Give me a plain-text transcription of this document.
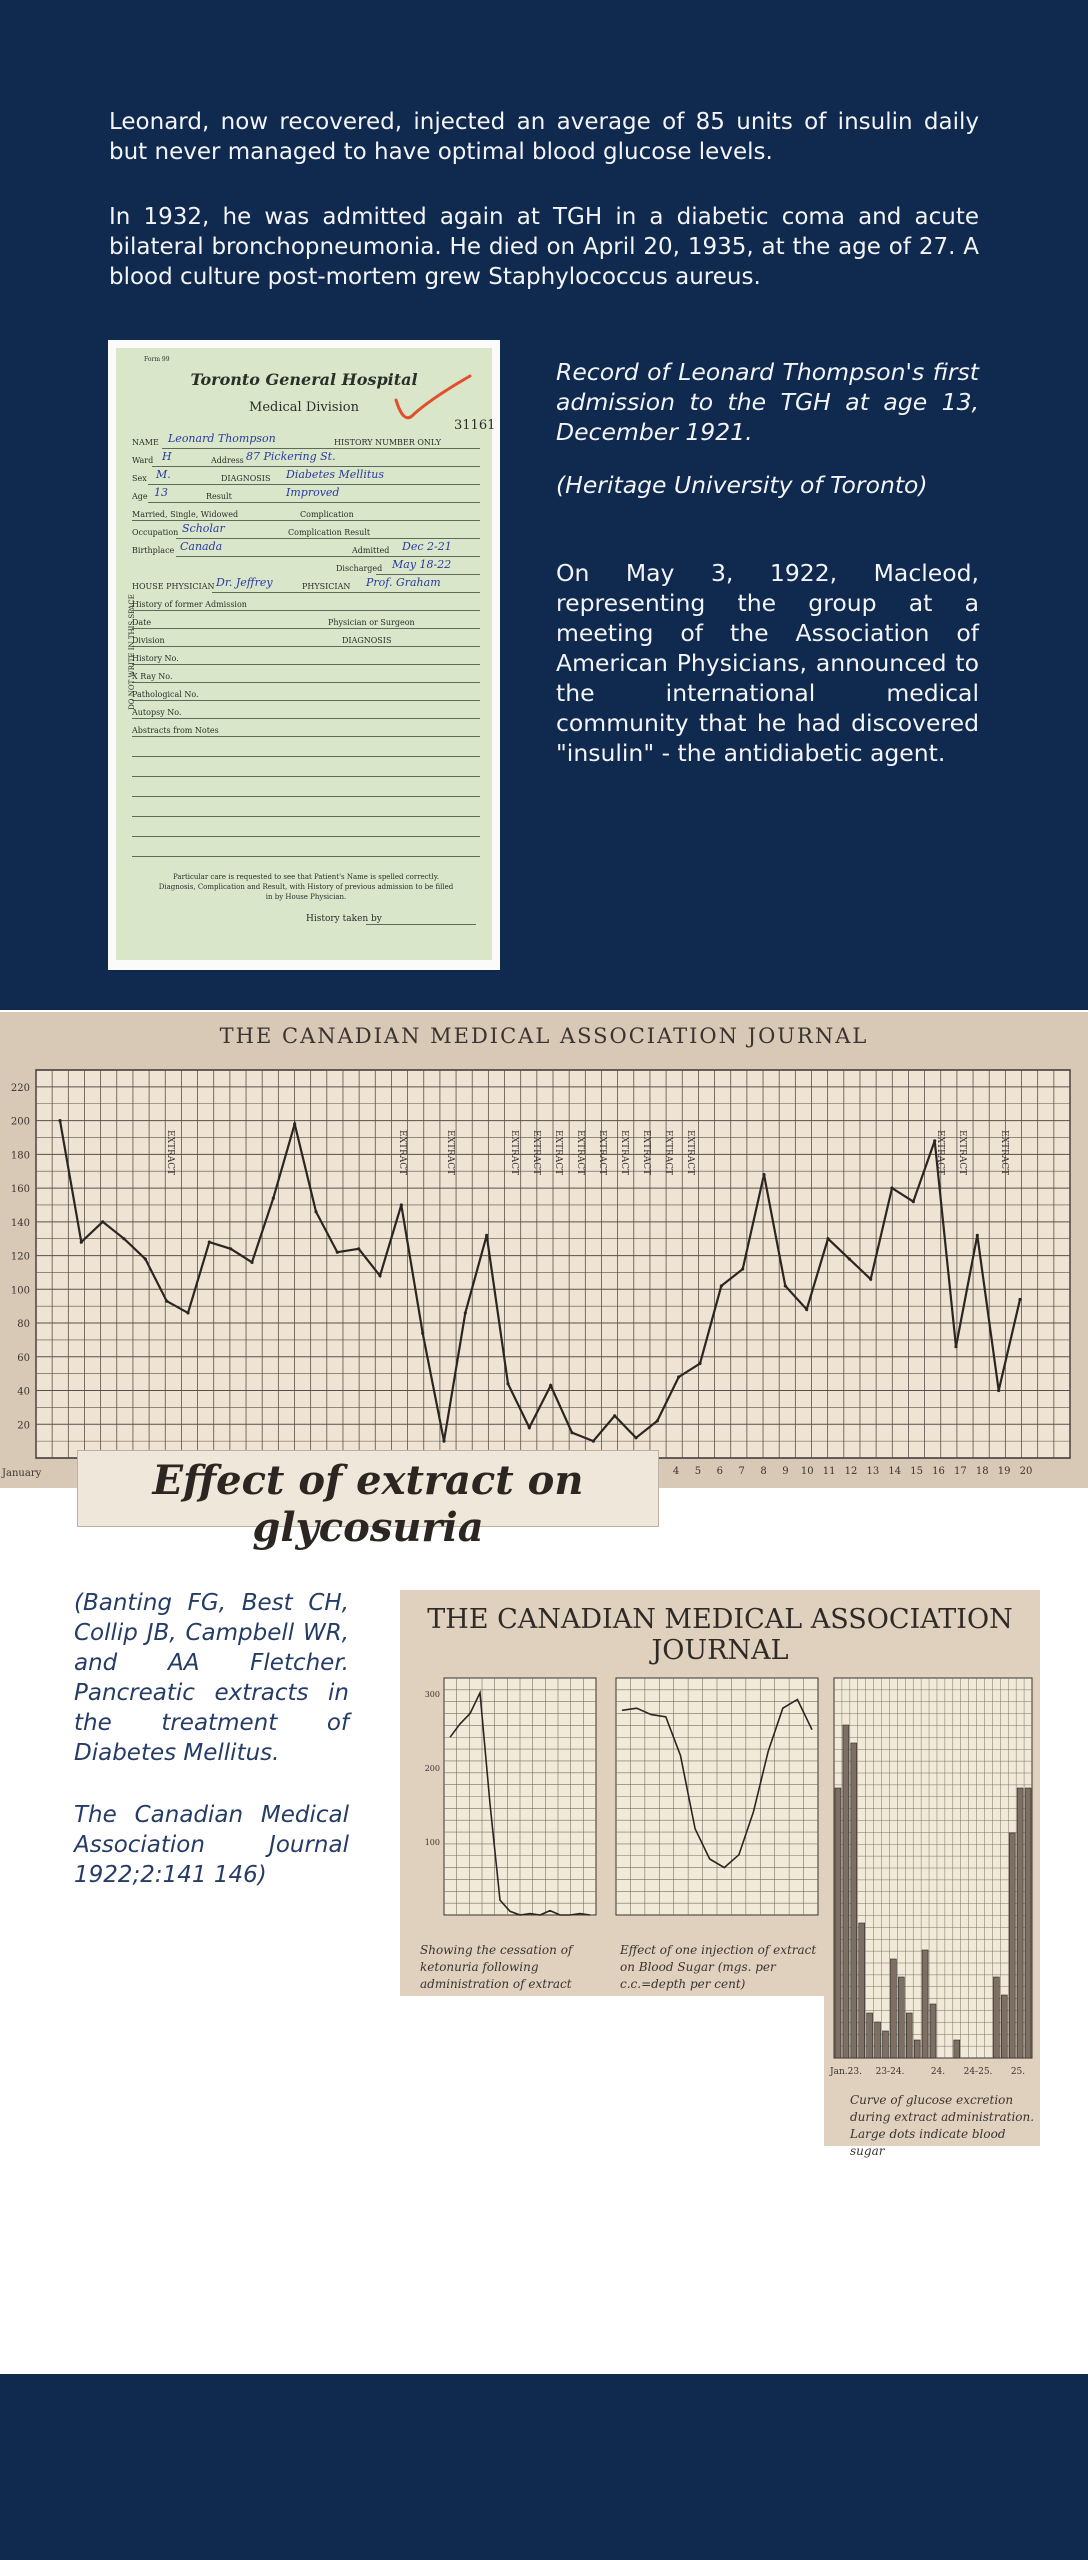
Leonard, now recovered, injected an average of 85 units of insulin daily but never managed to have optimal blood glucose levels.

In 1932, he was admitted again at TGH in a diabetic coma and acute bilateral bronchopneumonia. He died on April 20, 1935, at the age of 27. A blood culture post-mortem grew Staphylococcus aureus.

Form 99
Toronto General Hospital
Medical Division
31161
NAME Leonard Thompson	HISTORY NUMBER ONLY
Ward H	Address 87 Pickering St.
Sex M.	DIAGNOSIS Diabetes Mellitus
Age 13	Result	Improved
Married, Single, Widowed	Complication
Occupation Scholar	Complication Result
Birthplace Canada	Admitted Dec 2-21
Discharged May 18-22
HOUSE PHYSICIAN Dr. Jeffrey	PHYSICIAN Prof. Graham
History of former Admission
Date	Physician or Surgeon
Division	DIAGNOSIS
History No.
X Ray No.
Pathological No.
Autopsy No.
Abstracts from Notes
DO NOT WRITE IN THIS SPACE
Particular care is requested to see that Patient's Name is spelled correctly. Diagnosis, Complication and Result, with History of previous admission to be filled in by House Physician.
History taken by

Record of Leonard Thompson's first admission to the TGH at age 13, December 1921.

(Heritage University of Toronto)

On May 3, 1922, Macleod, representing the group at a meeting of the Association of American Physicians, announced to the international medical community that he had discovered "insulin" - the antidiabetic agent.

THE CANADIAN MEDICAL ASSOCIATION JOURNAL
20
40
60
80
100
120
140
160
180
200
220
January	4 5 6 7 8 9 10 11 12 13 14 15 16 17 18 19 20
EXTRACT	EXTRACT	EXTRACT	EXTRACT EXTRACT EXTRACT EXTRACT EXTRACT EXTRACT EXTRACT EXTRACT EXTRACT	EXTRACT EXTRACT	EXTRACT
Effect of extract on glycosuria

(Banting FG, Best CH, Collip JB, Campbell WR, and AA Fletcher. Pancreatic extracts in the treatment of Diabetes Mellitus.

The Canadian Medical Association Journal 1922;2:141 146)

THE CANADIAN MEDICAL ASSOCIATION JOURNAL
300
200
100
Showing the cessation of ketonuria following administration of extract
Effect of one injection of extract on Blood Sugar (mgs. per c.c.=depth per cent)
Jan.23. 23-24.	24. 24-25. 25.
Curve of glucose excretion during extract administration. Large dots indicate blood sugar
